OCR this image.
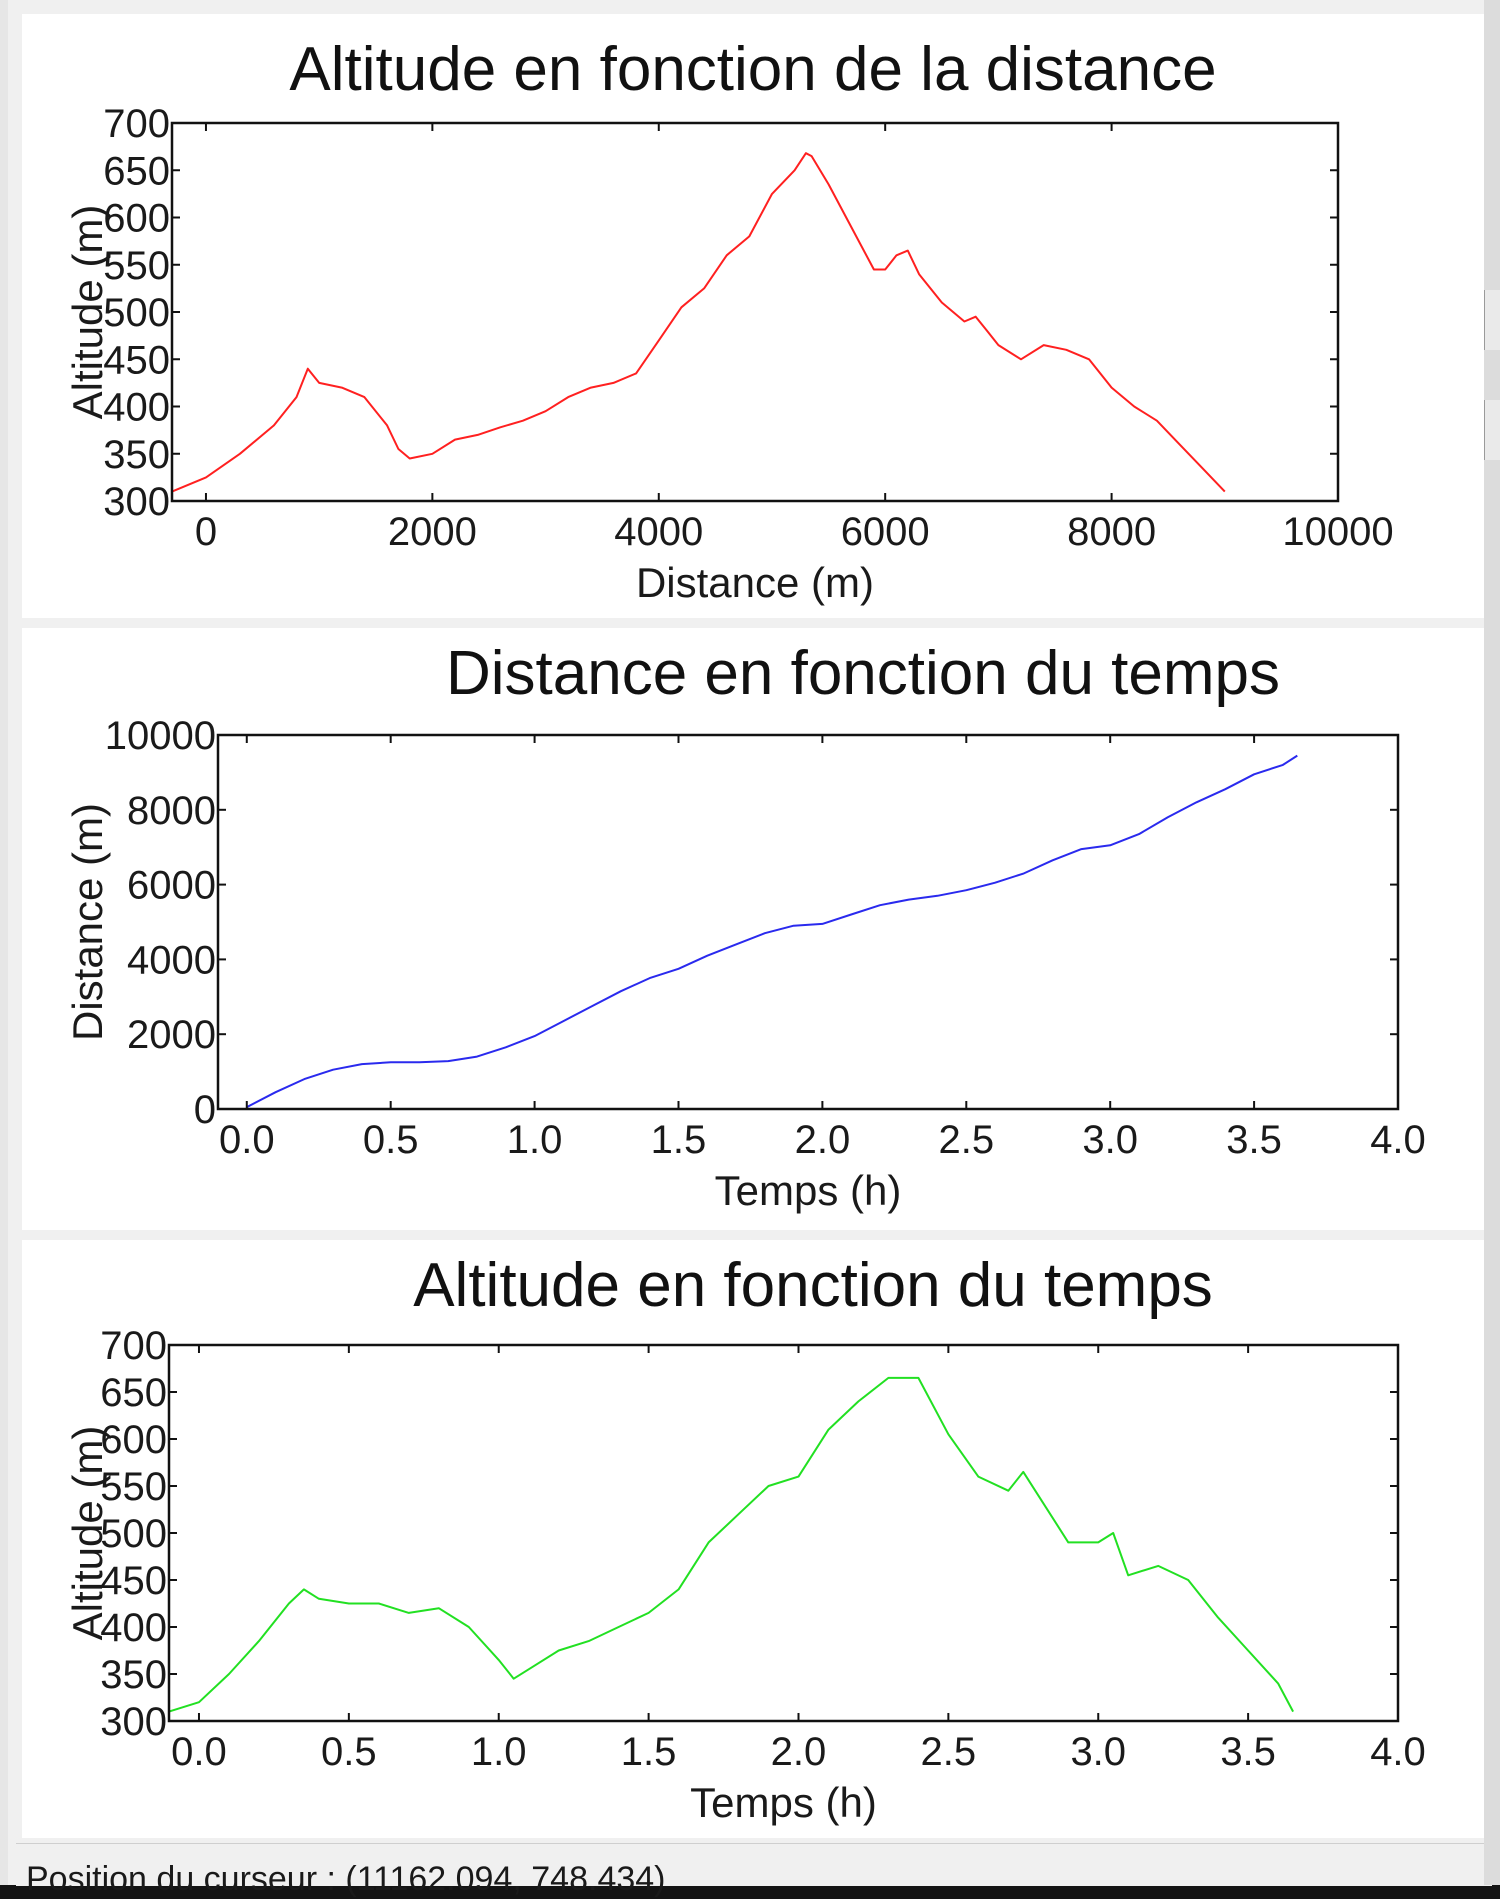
Altitude en fonction de la distance
0	2000	4000	6000	8000	10000
300
350
400
450
500
550
600
650
700
Distance (m)
Altitude (m)
Distance en fonction du temps
0.0 0.5 1.0 1.5 2.0 2.5 3.0 3.5 4.0
0
2000
4000
6000
8000
10000
Temps (h)
Distance (m)
Altitude en fonction du temps
0.0 0.5 1.0 1.5 2.0 2.5 3.0 3.5 4.0
300
350
400
450
500
550
600
650
700
Temps (h)
Altitude (m)
Position du curseur : (11162.094, 748.434)
